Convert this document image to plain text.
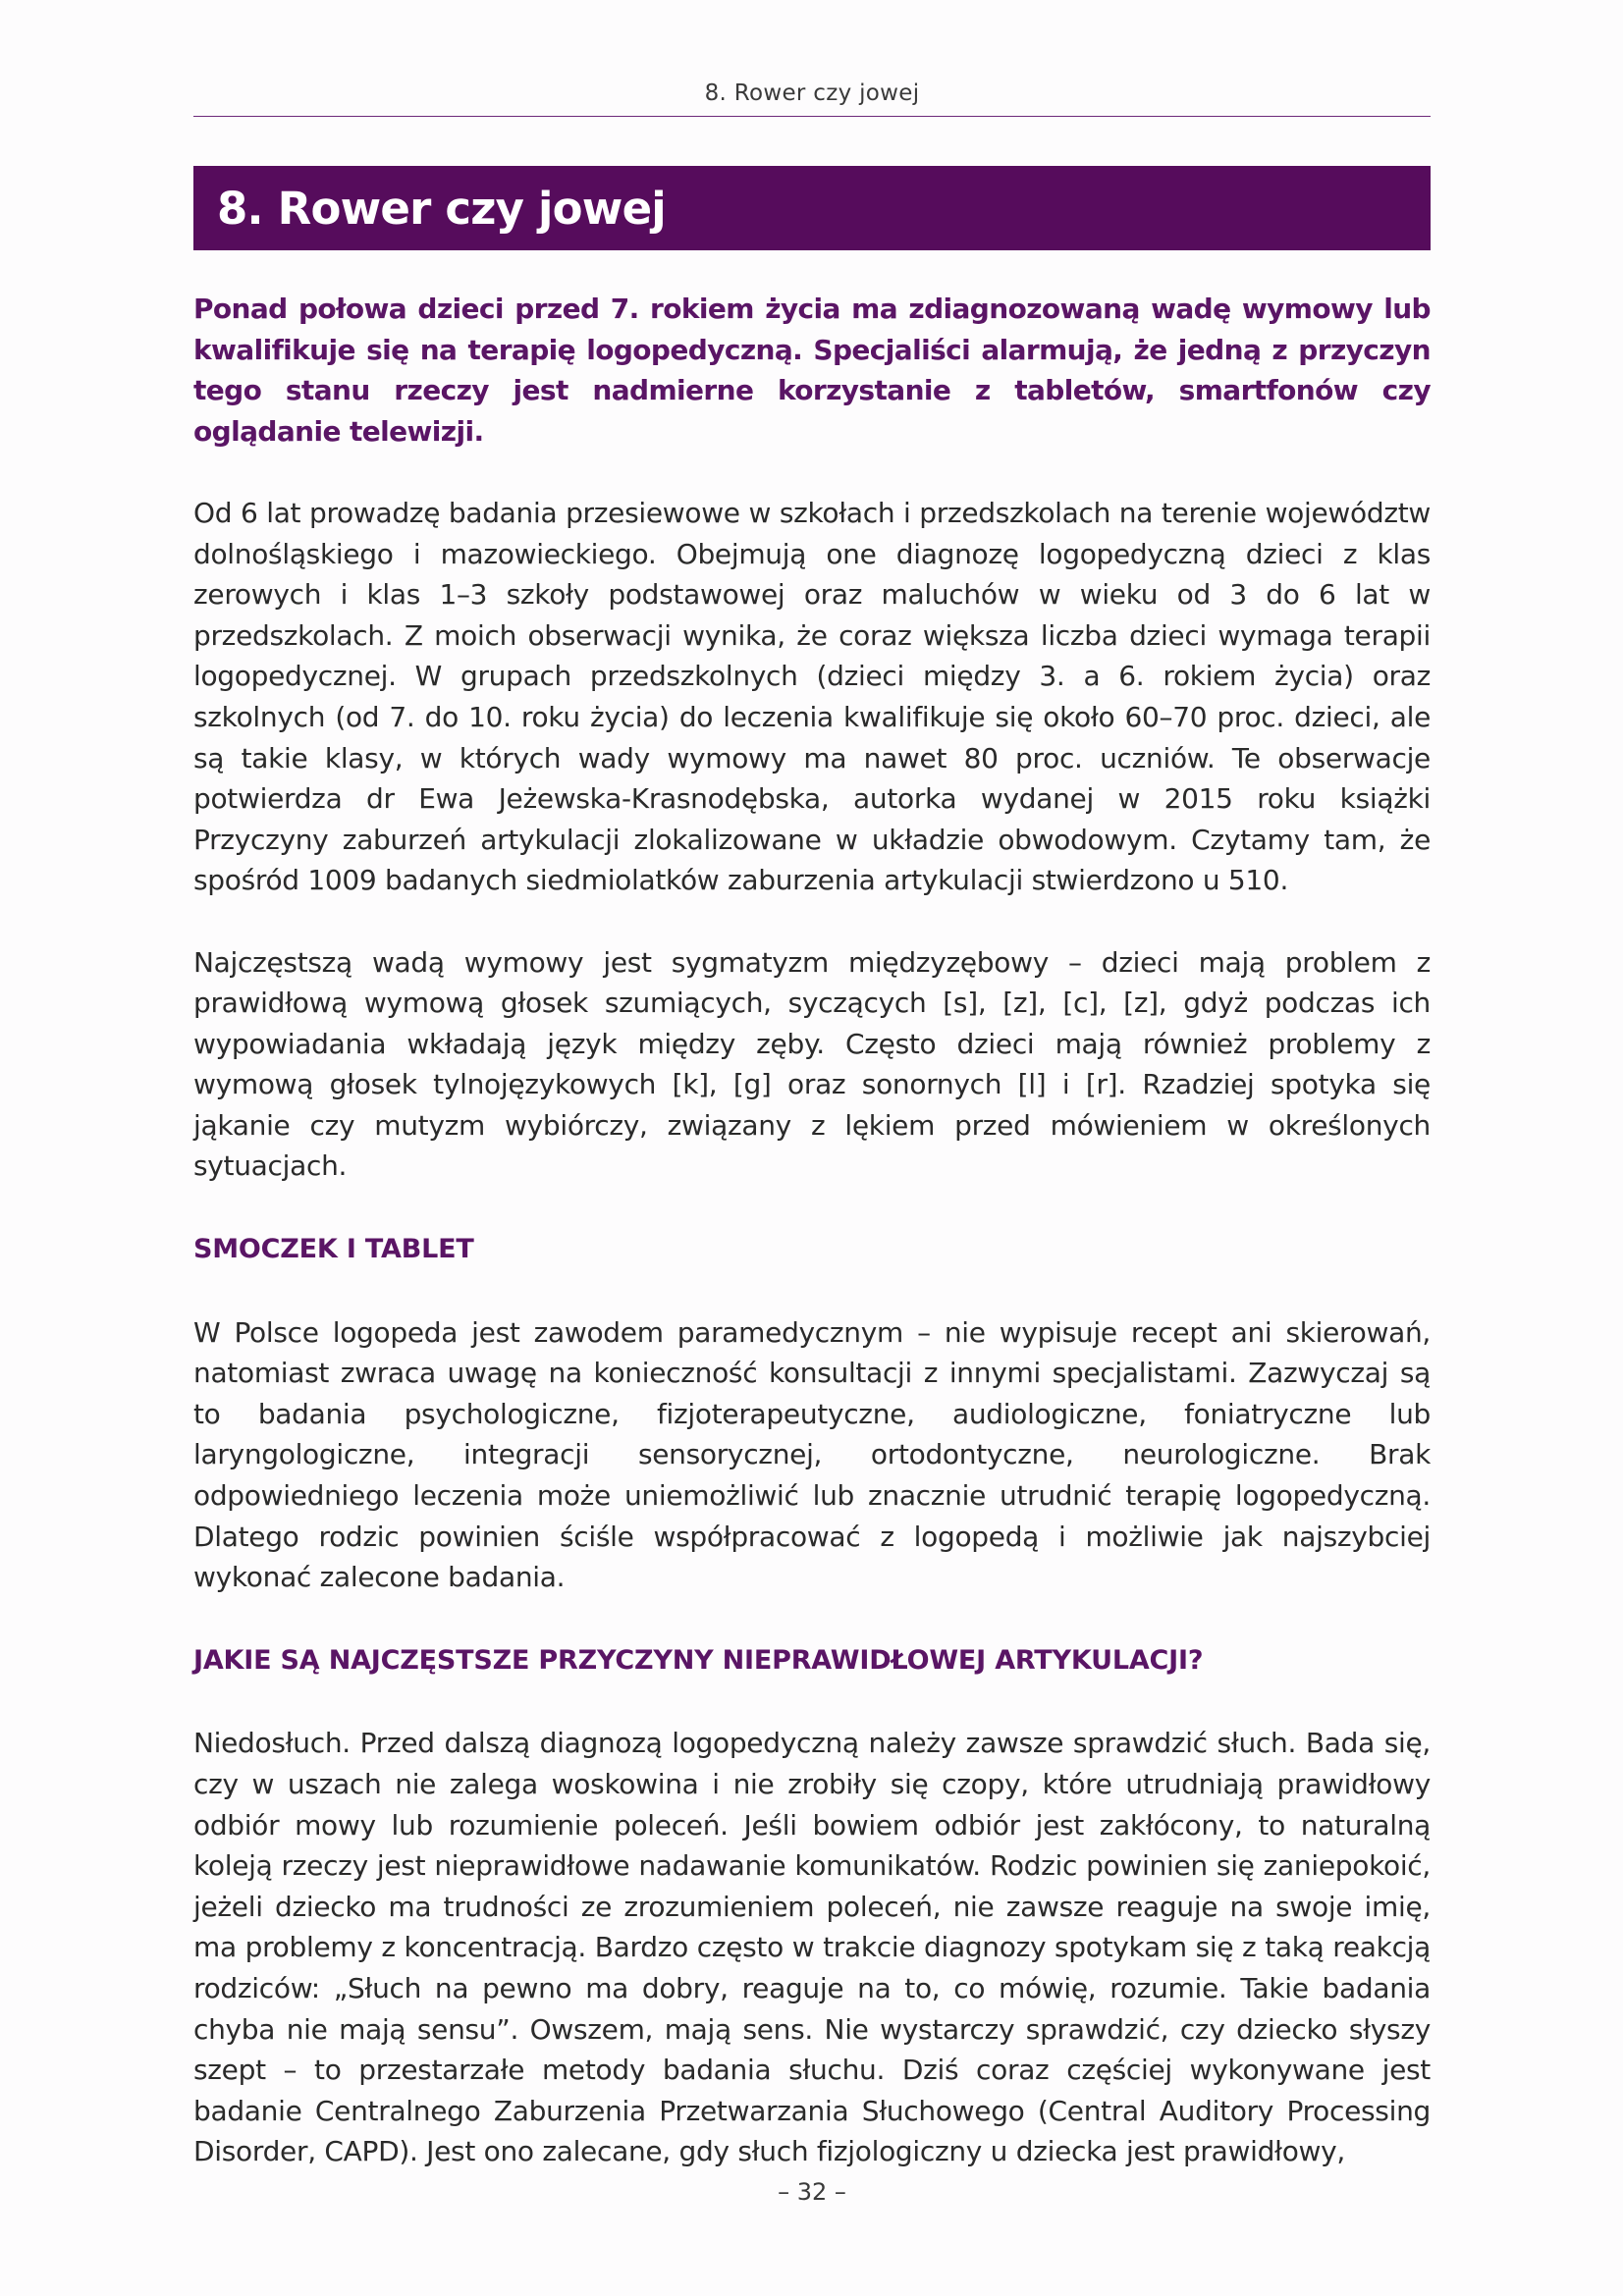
8. Rower czy jowej
8. Rower czy jowej

Ponad połowa dzieci przed 7. rokiem życia ma zdiagnozowaną wadę wymowy lub kwalifikuje się na terapię logopedyczną. Specjaliści alarmują, że jedną z przyczyn tego stanu rzeczy jest nadmierne korzystanie z tabletów, smartfonów czy oglądanie telewizji.

Od 6 lat prowadzę badania przesiewowe w szkołach i przedszkolach na terenie województw dolnośląskiego i mazowieckiego. Obejmują one diagnozę logopedyczną dzieci z klas zerowych i klas 1–3 szkoły podstawowej oraz maluchów w wieku od 3 do 6 lat w przedszkolach. Z moich obserwacji wynika, że coraz większa liczba dzieci wymaga terapii logopedycznej. W grupach przedszkolnych (dzieci między 3. a 6. rokiem życia) oraz szkolnych (od 7. do 10. roku życia) do leczenia kwalifikuje się około 60–70 proc. dzieci, ale są takie klasy, w których wady wymowy ma nawet 80 proc. uczniów. Te obserwacje potwierdza dr Ewa Jeżewska-Krasnodębska, autorka wydanej w 2015 roku książki Przyczyny zaburzeń artykulacji zlokalizowane w układzie obwodowym. Czytamy tam, że spośród 1009 badanych siedmiolatków zaburzenia artykulacji stwierdzono u 510.

Najczęstszą wadą wymowy jest sygmatyzm międzyzębowy – dzieci mają problem z prawidłową wymową głosek szumiących, syczących [s], [z], [c], [z], gdyż podczas ich wypowiadania wkładają język między zęby. Często dzieci mają również problemy z wymową głosek tylnojęzykowych [k], [g] oraz sonornych [l] i [r]. Rzadziej spotyka się jąkanie czy mutyzm wybiórczy, związany z lękiem przed mówieniem w określonych sytuacjach.

SMOCZEK I TABLET

W Polsce logopeda jest zawodem paramedycznym – nie wypisuje recept ani skierowań, natomiast zwraca uwagę na konieczność konsultacji z innymi specjalistami. Zazwyczaj są to badania psychologiczne, fizjoterapeutyczne, audiologiczne, foniatryczne lub laryngologiczne, integracji sensorycznej, ortodontyczne, neurologiczne. Brak odpowiedniego leczenia może uniemożliwić lub znacznie utrudnić terapię logopedyczną. Dlatego rodzic powinien ściśle współpracować z logopedą i możliwie jak najszybciej wykonać zalecone badania.

JAKIE SĄ NAJCZĘSTSZE PRZYCZYNY NIEPRAWIDŁOWEJ ARTYKULACJI?

Niedosłuch. Przed dalszą diagnozą logopedyczną należy zawsze sprawdzić słuch. Bada się, czy w uszach nie zalega woskowina i nie zrobiły się czopy, które utrudniają prawidłowy odbiór mowy lub rozumienie poleceń. Jeśli bowiem odbiór jest zakłócony, to naturalną koleją rzeczy jest nieprawidłowe nadawanie komunikatów. Rodzic powinien się zaniepokoić, jeżeli dziecko ma trudności ze zrozumieniem poleceń, nie zawsze reaguje na swoje imię, ma problemy z koncentracją. Bardzo często w trakcie diagnozy spotykam się z taką reakcją rodziców: „Słuch na pewno ma dobry, reaguje na to, co mówię, rozumie. Takie badania chyba nie mają sensu”. Owszem, mają sens. Nie wystarczy sprawdzić, czy dziecko słyszy szept – to przestarzałe metody badania słuchu. Dziś coraz częściej wykonywane jest badanie Centralnego Zaburzenia Przetwarzania Słuchowego (Central Auditory Processing Disorder, CAPD). Jest ono zalecane, gdy słuch fizjologiczny u dziecka jest prawidłowy,

– 32 –
